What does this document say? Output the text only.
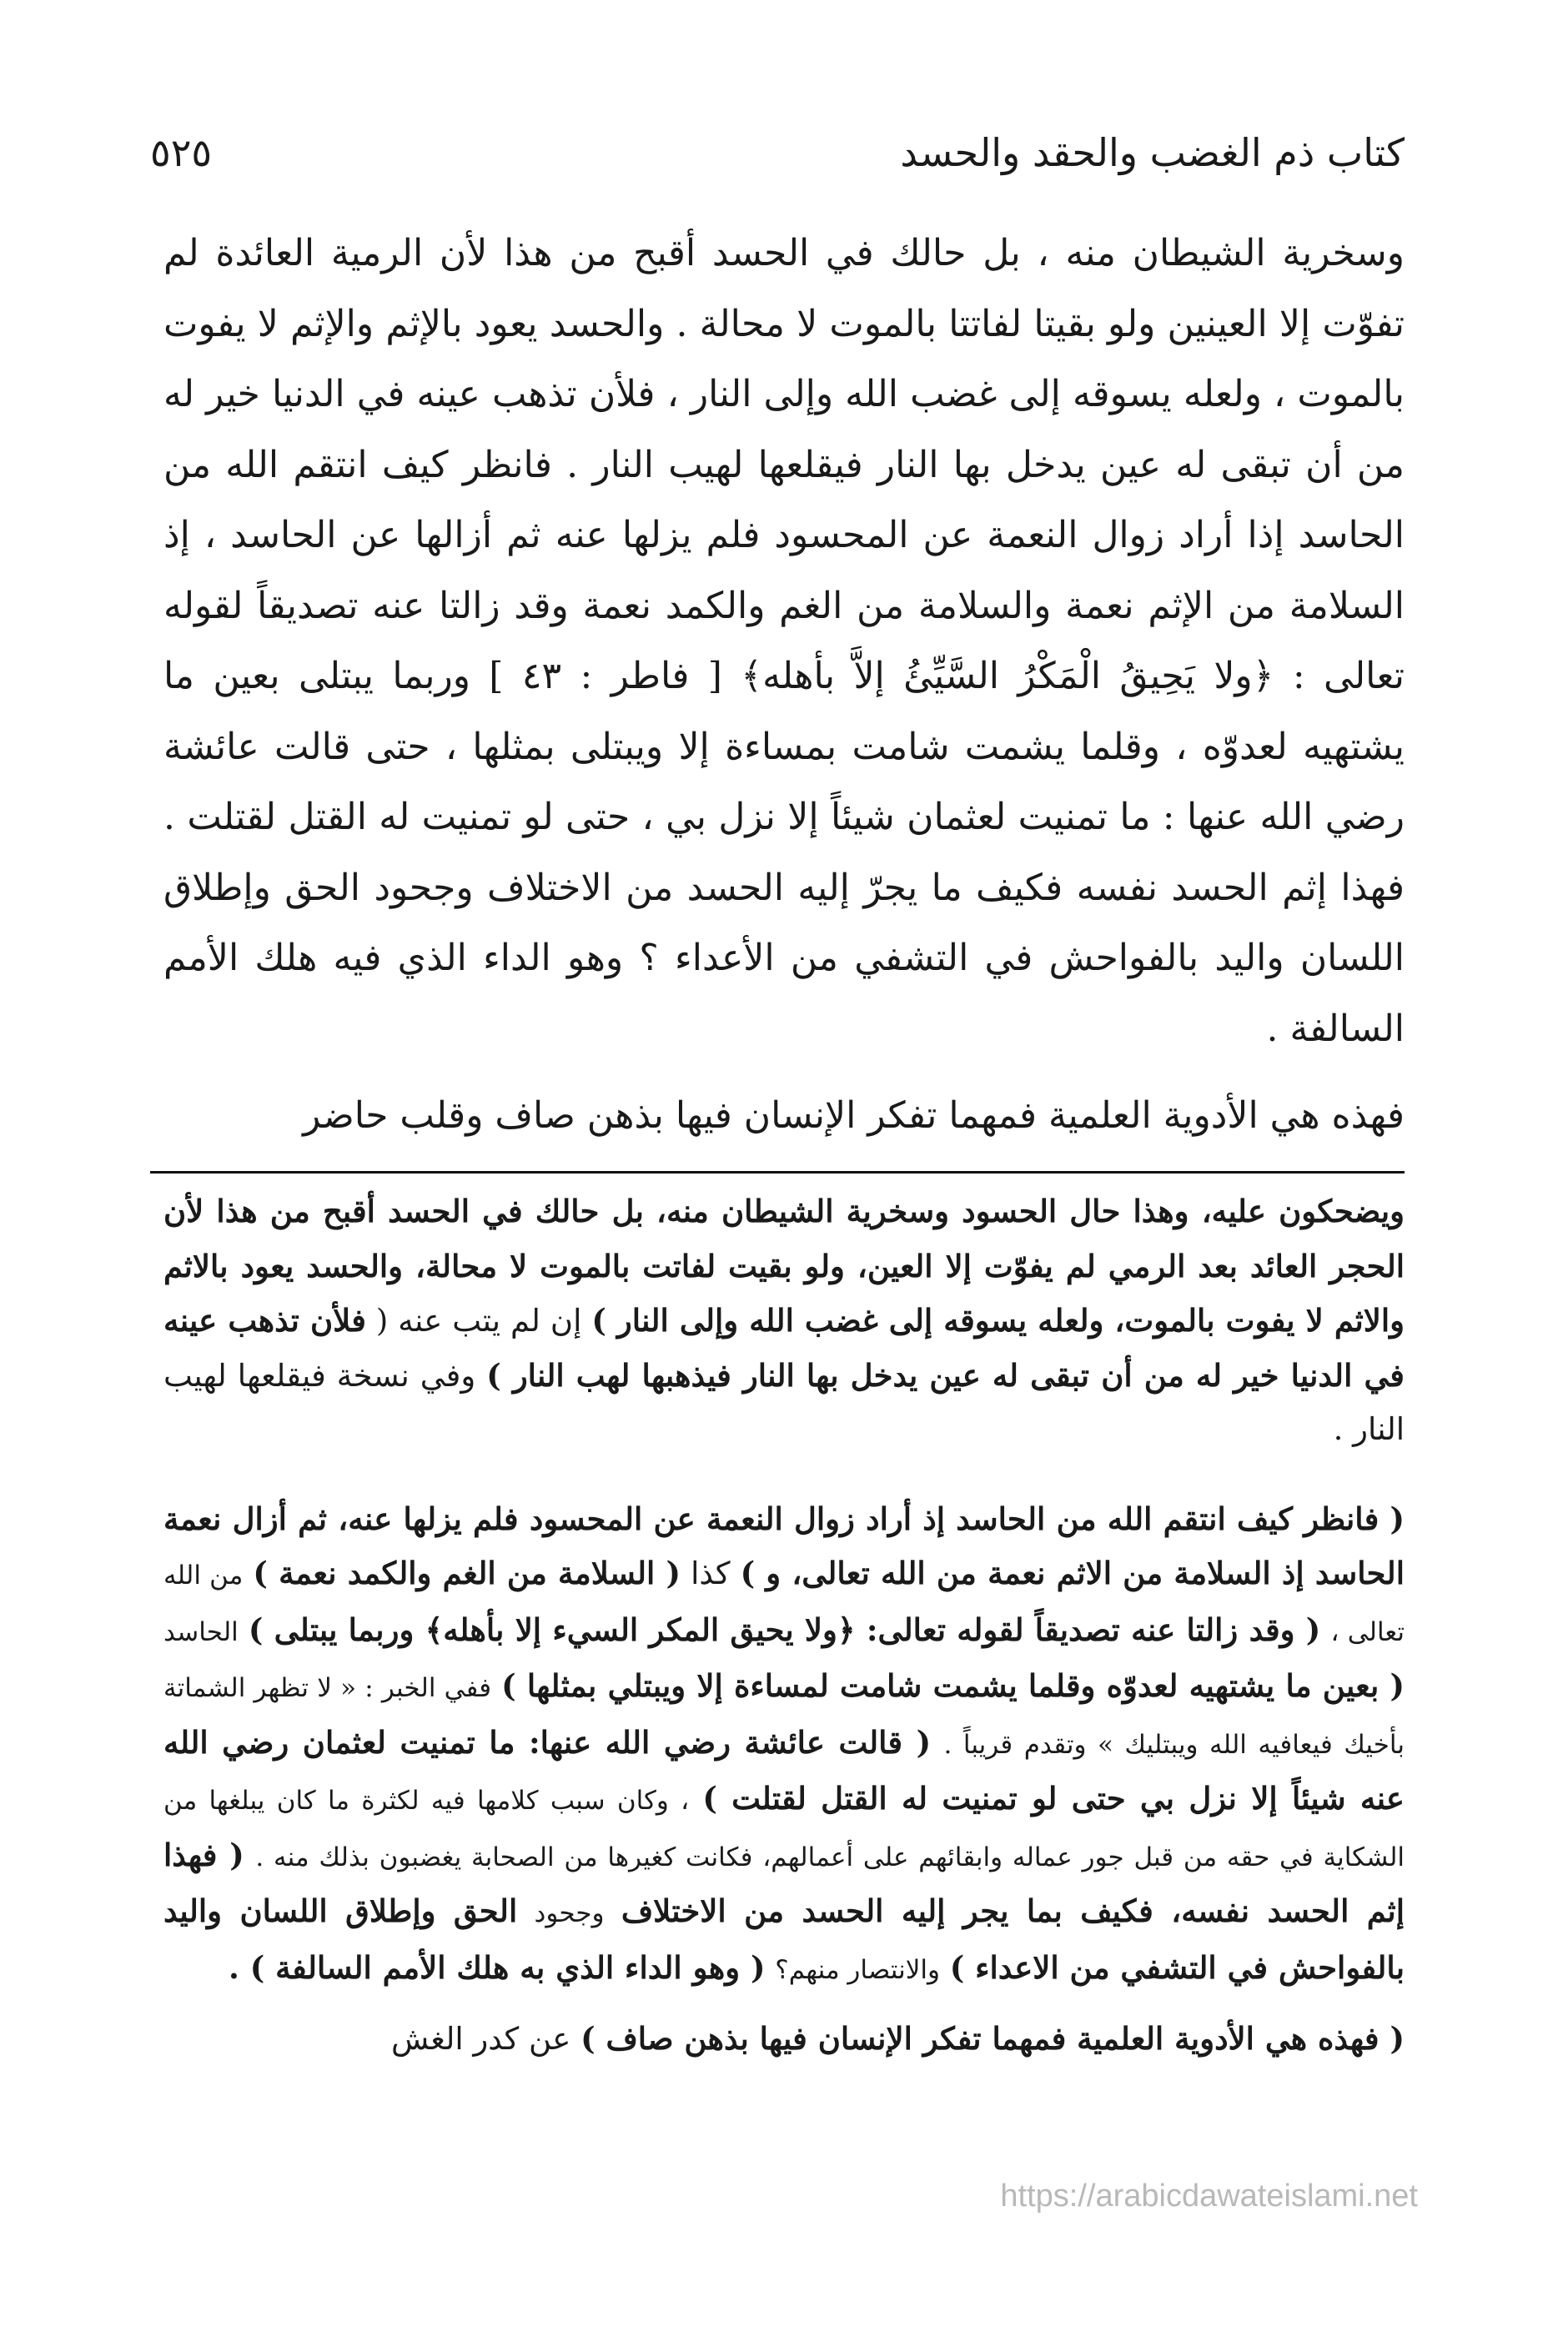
كتاب ذم الغضب والحقد والحسد
٥٢٥

وسخرية الشيطان منه ، بل حالك في الحسد أقبح من هذا لأن الرمية العائدة لم تفوّت إلا العينين ولو بقيتا لفاتتا بالموت لا محالة . والحسد يعود بالإثم والإثم لا يفوت بالموت ، ولعله يسوقه إلى غضب الله وإلى النار ، فلأن تذهب عينه في الدنيا خير له من أن تبقى له عين يدخل بها النار فيقلعها لهيب النار . فانظر كيف انتقم الله من الحاسد إذا أراد زوال النعمة عن المحسود فلم يزلها عنه ثم أزالها عن الحاسد ، إذ السلامة من الإثم نعمة والسلامة من الغم والكمد نعمة وقد زالتا عنه تصديقاً لقوله تعالى : ﴿ولا يَحِيقُ الْمَكْرُ السَّيِّئُ إلاَّ بأهله﴾ [ فاطر : ٤٣ ] وربما يبتلى بعين ما يشتهيه لعدوّه ، وقلما يشمت شامت بمساءة إلا ويبتلى بمثلها ، حتى قالت عائشة رضي الله عنها : ما تمنيت لعثمان شيئاً إلا نزل بي ، حتى لو تمنيت له القتل لقتلت . فهذا إثم الحسد نفسه فكيف ما يجرّ إليه الحسد من الاختلاف وجحود الحق وإطلاق اللسان واليد بالفواحش في التشفي من الأعداء ؟ وهو الداء الذي فيه هلك الأمم السالفة .

فهذه هي الأدوية العلمية فمهما تفكر الإنسان فيها بذهن صاف وقلب حاضر

ويضحكون عليه، وهذا حال الحسود وسخرية الشيطان منه، بل حالك في الحسد أقبح من هذا لأن الحجر العائد بعد الرمي لم يفوّت إلا العين، ولو بقيت لفاتت بالموت لا محالة، والحسد يعود بالاثم والاثم لا يفوت بالموت، ولعله يسوقه إلى غضب الله وإلى النار ) إن لم يتب عنه ( فلأن تذهب عينه في الدنيا خير له من أن تبقى له عين يدخل بها النار فيذهبها لهب النار ) وفي نسخة فيقلعها لهيب النار .

( فانظر كيف انتقم الله من الحاسد إذ أراد زوال النعمة عن المحسود فلم يزلها عنه، ثم أزال نعمة الحاسد إذ السلامة من الاثم نعمة من الله تعالى، و ) كذا ( السلامة من الغم والكمد نعمة ) من الله تعالى ، ( وقد زالتا عنه تصديقاً لقوله تعالى: ﴿ولا يحيق المكر السيء إلا بأهله﴾ وربما يبتلى ) الحاسد ( بعين ما يشتهيه لعدوّه وقلما يشمت شامت لمساءة إلا ويبتلي بمثلها ) ففي الخبر : « لا تظهر الشماتة بأخيك فيعافيه الله ويبتليك » وتقدم قريباً . ( قالت عائشة رضي الله عنها: ما تمنيت لعثمان رضي الله عنه شيئاً إلا نزل بي حتى لو تمنيت له القتل لقتلت ) ، وكان سبب كلامها فيه لكثرة ما كان يبلغها من الشكاية في حقه من قبل جور عماله وابقائهم على أعمالهم، فكانت كغيرها من الصحابة يغضبون بذلك منه . ( فهذا إثم الحسد نفسه، فكيف بما يجر إليه الحسد من الاختلاف وجحود الحق وإطلاق اللسان واليد بالفواحش في التشفي من الاعداء ) والانتصار منهم؟ ( وهو الداء الذي به هلك الأمم السالفة ) .

( فهذه هي الأدوية العلمية فمهما تفكر الإنسان فيها بذهن صاف ) عن كدر الغش

https://arabicdawateislami.net
